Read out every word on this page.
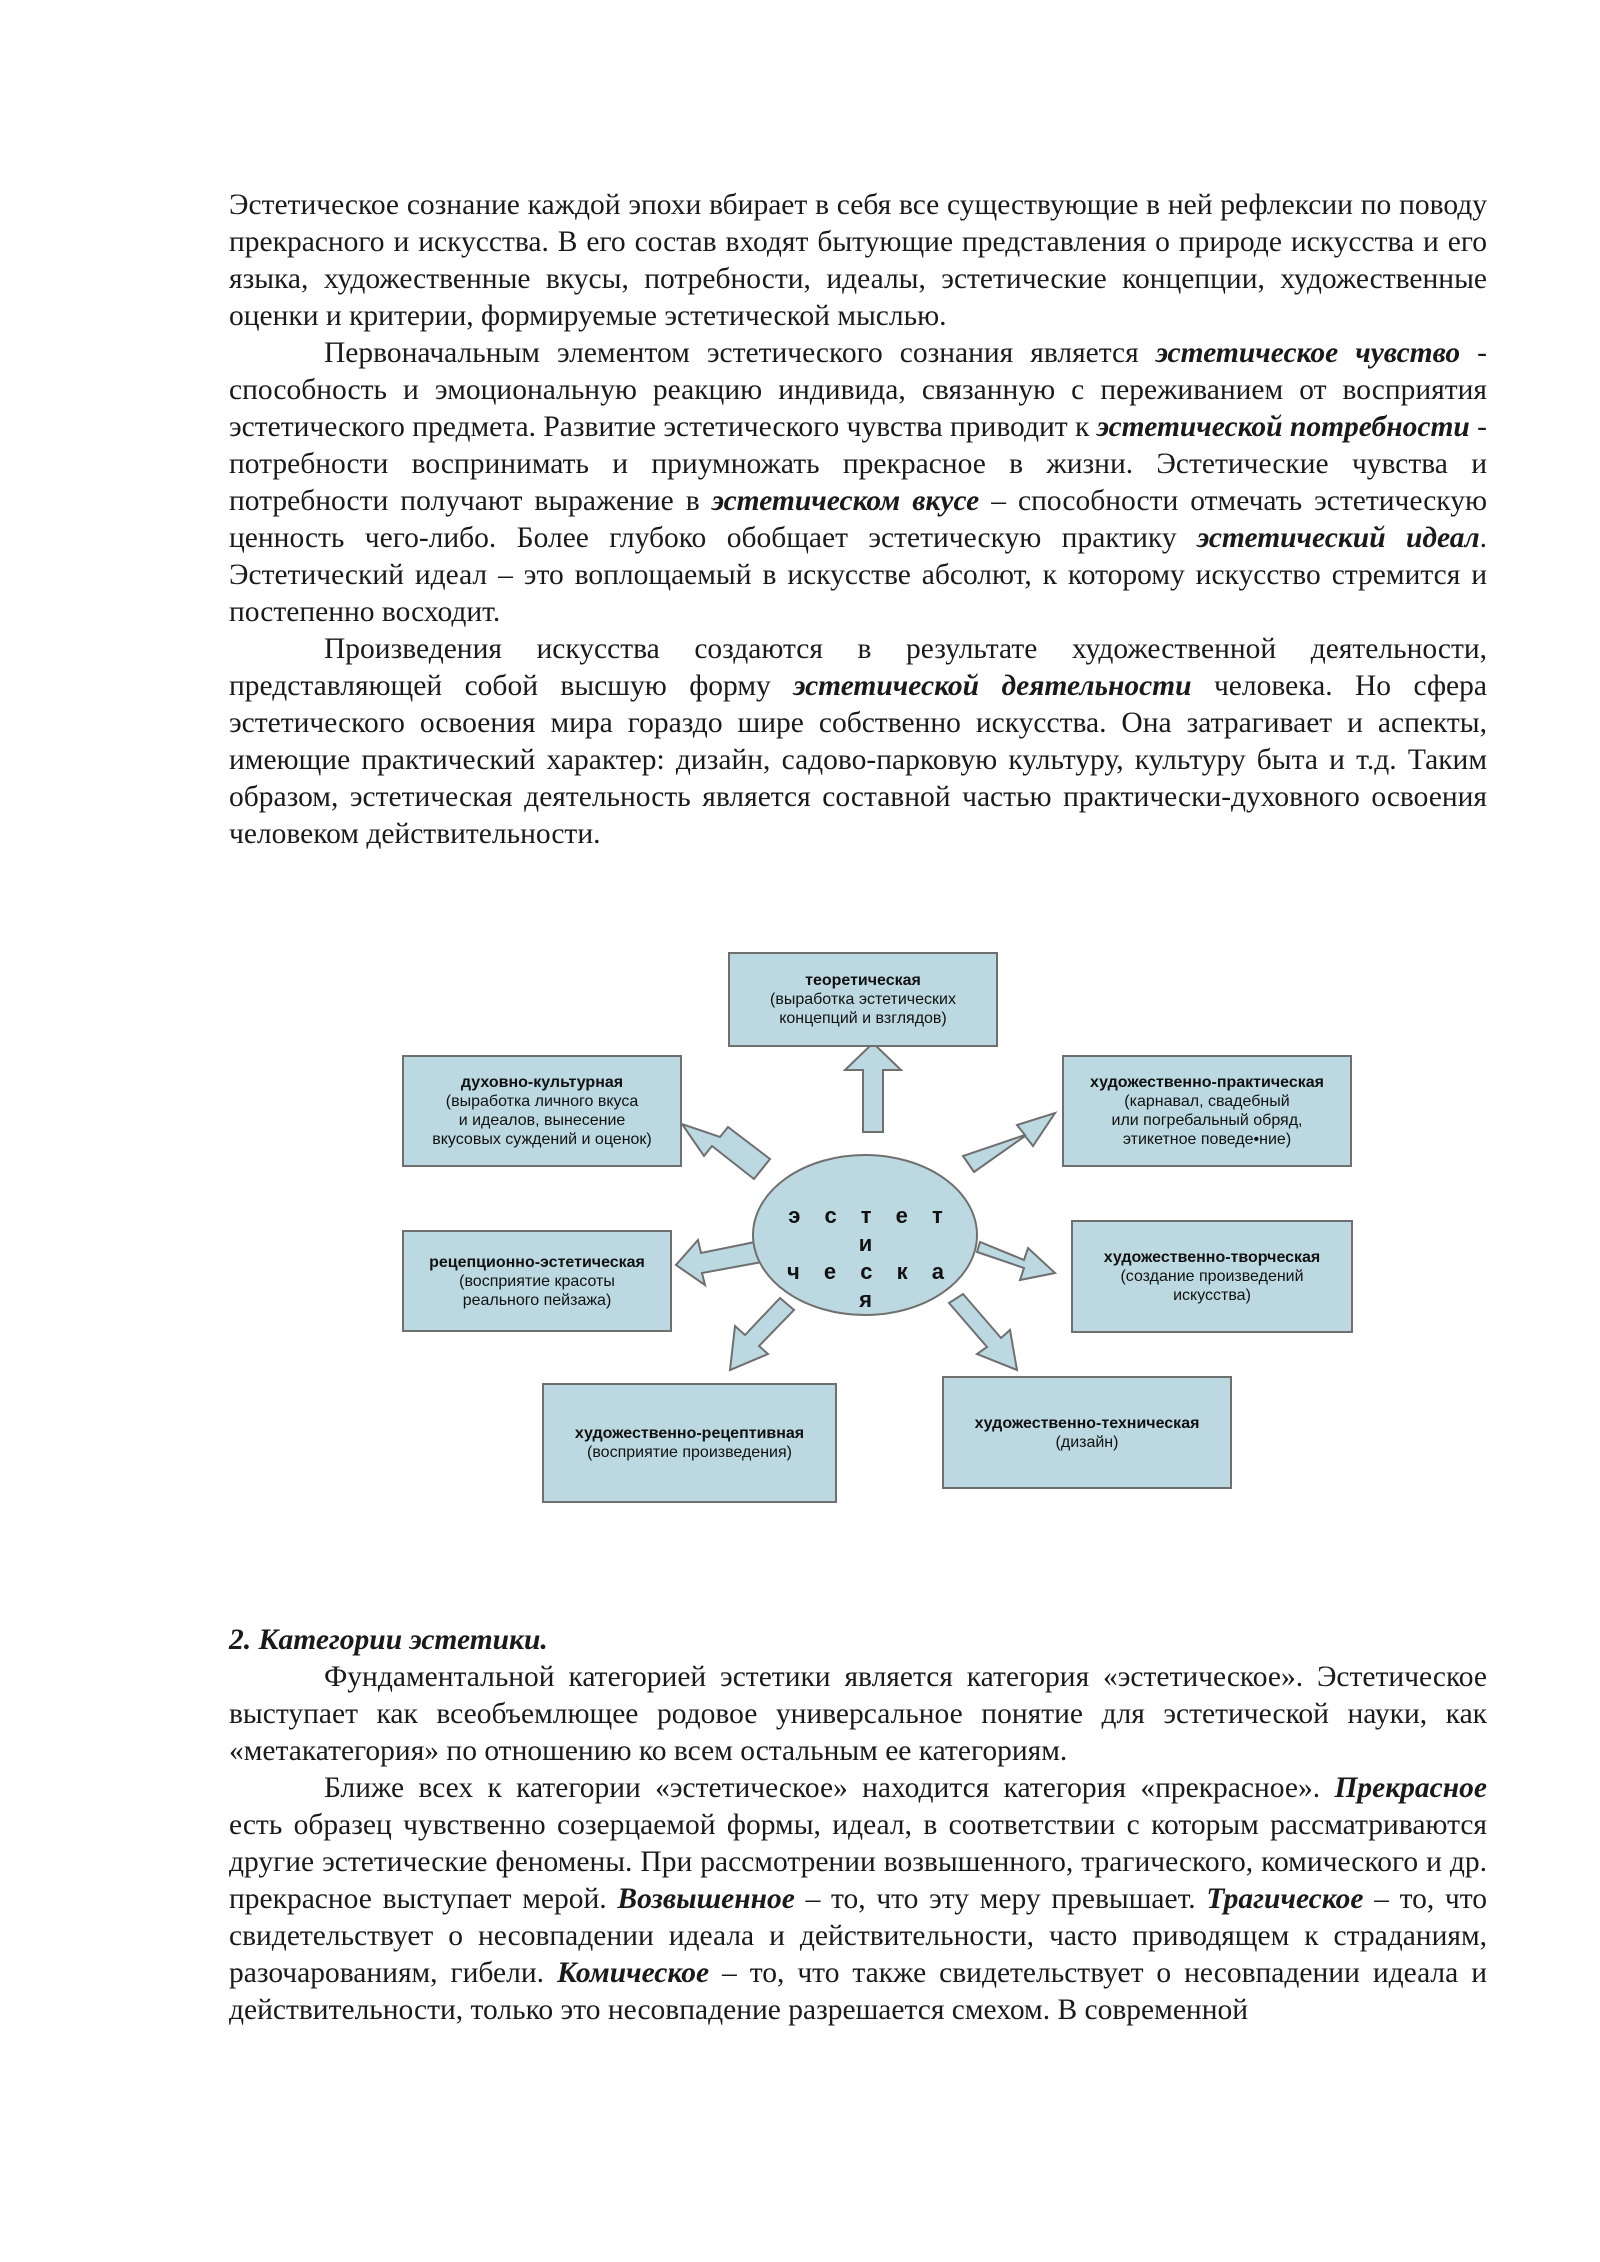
Эстетическое сознание каждой эпохи вбирает в себя все существующие в ней рефлексии по поводу прекрасного и искусства. В его состав входят бытующие представления о природе искусства и его языка, художественные вкусы, потребности, идеалы, эстетические концепции, художественные оценки и критерии, формируемые эстетической мыслью.

Первоначальным элементом эстетического сознания является эстетическое чувство - способность и эмоциональную реакцию индивида, связанную с переживанием от восприятия эстетического предмета. Развитие эстетического чувства приводит к эстетической потребности - потребности воспринимать и приумножать прекрасное в жизни. Эстетические чувства и потребности получают выражение в эстетическом вкусе – способности отмечать эстетическую ценность чего-либо. Более глубоко обобщает эстетическую практику эстетический идеал. Эстетический идеал – это воплощаемый в искусстве абсолют, к которому искусство стремится и постепенно восходит.

Произведения искусства создаются в результате художественной деятельности, представляющей собой высшую форму эстетической деятельности человека. Но сфера эстетического освоения мира гораздо шире собственно искусства. Она затрагивает и аспекты, имеющие практический характер: дизайн, садово-парковую культуру, культуру быта и т.д. Таким образом, эстетическая деятельность является составной частью практически-духовного освоения человеком действительности.

э с т е т и
ч е с к а я
теоретическая
(выработка эстетических
концепций и взглядов)
духовно-культурная
(выработка личного вкуса
и идеалов, вынесение
вкусовых суждений и оценок)
художественно-практическая
(карнавал, свадебный
или погребальный обряд,
этикетное поведе•ние)
рецепционно-эстетическая
(восприятие красоты
реального пейзажа)
художественно-творческая
(создание произведений
искусства)
художественно-рецептивная
(восприятие произведения)
художественно-техническая
(дизайн)

2. Категории эстетики.

Фундаментальной категорией эстетики является категория «эстетическое». Эстетическое выступает как всеобъемлющее родовое универсальное понятие для эстетической науки, как «метакатегория» по отношению ко всем остальным ее категориям.

Ближе всех к категории «эстетическое» находится категория «прекрасное». Прекрасное есть образец чувственно созерцаемой формы, идеал, в соответствии с которым рассматриваются другие эстетические феномены. При рассмотрении возвышенного, трагического, комического и др. прекрасное выступает мерой. Возвышенное – то, что эту меру превышает. Трагическое – то, что свидетельствует о несовпадении идеала и действительности, часто приводящем к страданиям, разочарованиям, гибели. Комическое – то, что также свидетельствует о несовпадении идеала и действительности, только это несовпадение разрешается смехом. В современной
